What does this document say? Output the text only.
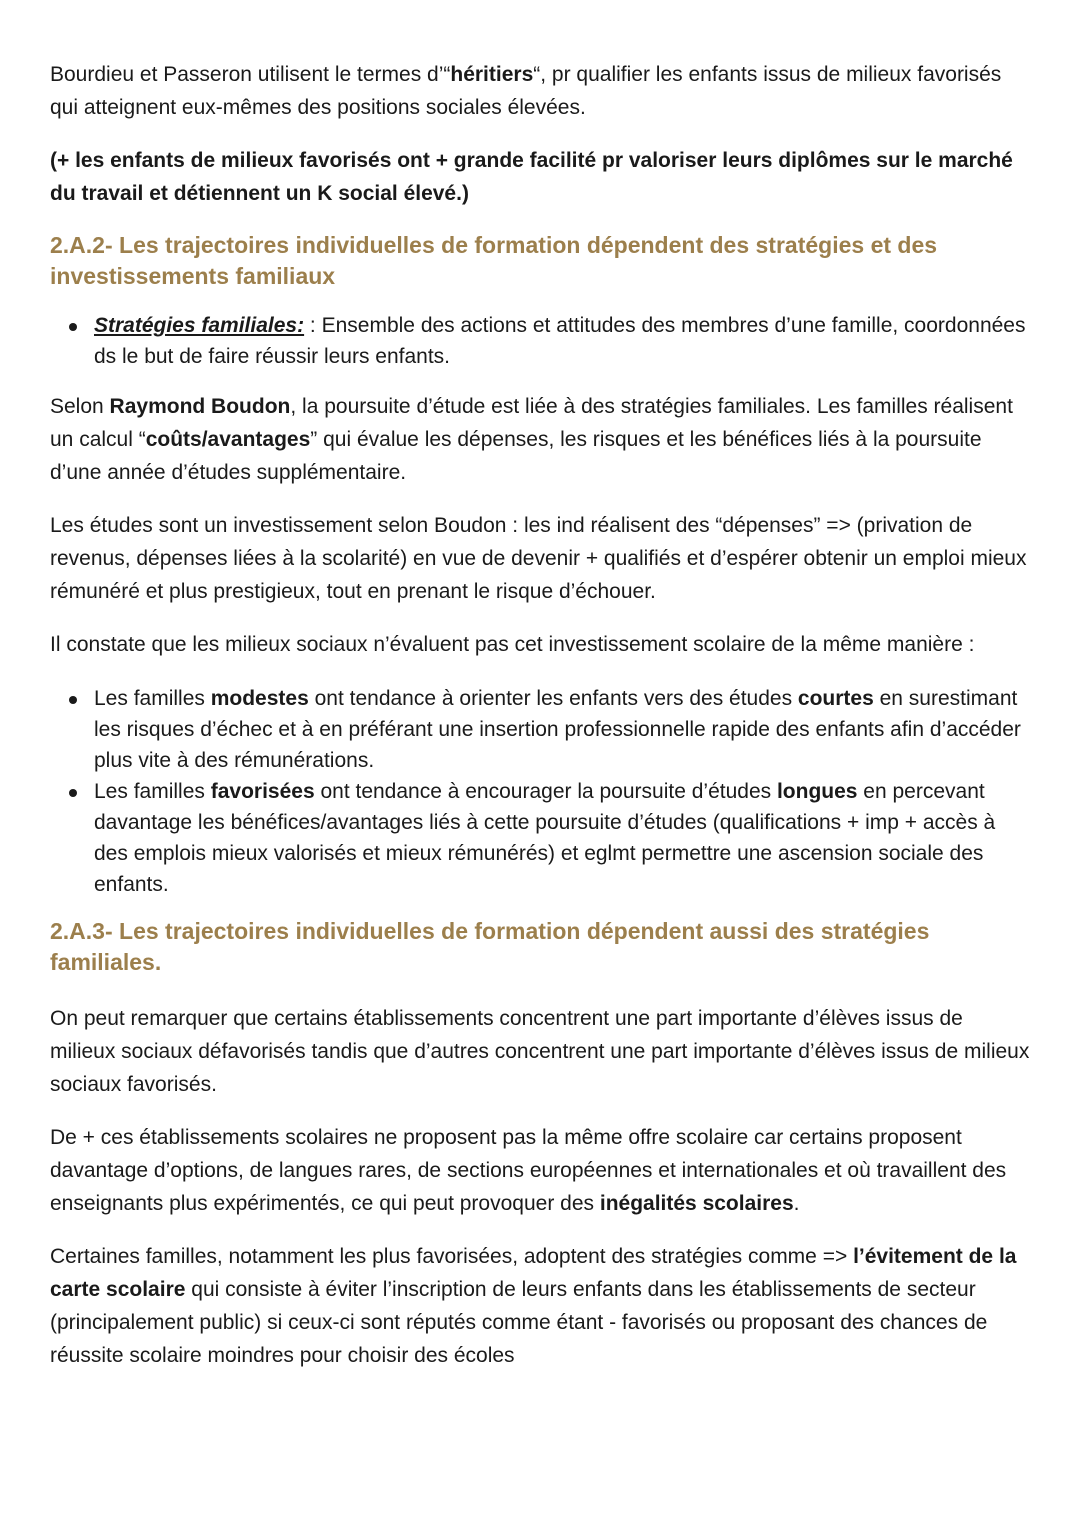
Bourdieu et Passeron utilisent le termes d’“héritiers“, pr qualifier les enfants issus de milieux favorisés qui atteignent eux-mêmes des positions sociales élevées.

(+ les enfants de milieux favorisés ont + grande facilité pr valoriser leurs diplômes sur le marché du travail et détiennent un K social élevé.)

2.A.2- Les trajectoires individuelles de formation dépendent des stratégies et des investissements familiaux
Stratégies familiales: : Ensemble des actions et attitudes des membres d’une famille, coordonnées ds le but de faire réussir leurs enfants.

Selon Raymond Boudon, la poursuite d’étude est liée à des stratégies familiales. Les familles réalisent un calcul “coûts/avantages” qui évalue les dépenses, les risques et les bénéfices liés à la poursuite d’une année d’études supplémentaire.

Les études sont un investissement selon Boudon : les ind réalisent des “dépenses” => (privation de revenus, dépenses liées à la scolarité) en vue de devenir + qualifiés et d’espérer obtenir un emploi mieux rémunéré et plus prestigieux, tout en prenant le risque d’échouer.

Il constate que les milieux sociaux n’évaluent pas cet investissement scolaire de la même manière :

Les familles modestes ont tendance à orienter les enfants vers des études courtes en surestimant les risques d’échec et à en préférant une insertion professionnelle rapide des enfants afin d’accéder plus vite à des rémunérations.
Les familles favorisées ont tendance à encourager la poursuite d’études longues en percevant davantage les bénéfices/avantages liés à cette poursuite d’études (qualifications + imp + accès à des emplois mieux valorisés et mieux rémunérés) et eglmt permettre une ascension sociale des enfants.
2.A.3- Les trajectoires individuelles de formation dépendent aussi des stratégies familiales.

On peut remarquer que certains établissements concentrent une part importante d’élèves issus de milieux sociaux défavorisés tandis que d’autres concentrent une part importante d’élèves issus de milieux sociaux favorisés.

De + ces établissements scolaires ne proposent pas la même offre scolaire car certains proposent davantage d’options, de langues rares, de sections européennes et internationales et où travaillent des enseignants plus expérimentés, ce qui peut provoquer des inégalités scolaires.

Certaines familles, notamment les plus favorisées, adoptent des stratégies comme => l’évitement de la carte scolaire qui consiste à éviter l’inscription de leurs enfants dans les établissements de secteur (principalement public) si ceux-ci sont réputés comme étant - favorisés ou proposant des chances de réussite scolaire moindres pour choisir des écoles
